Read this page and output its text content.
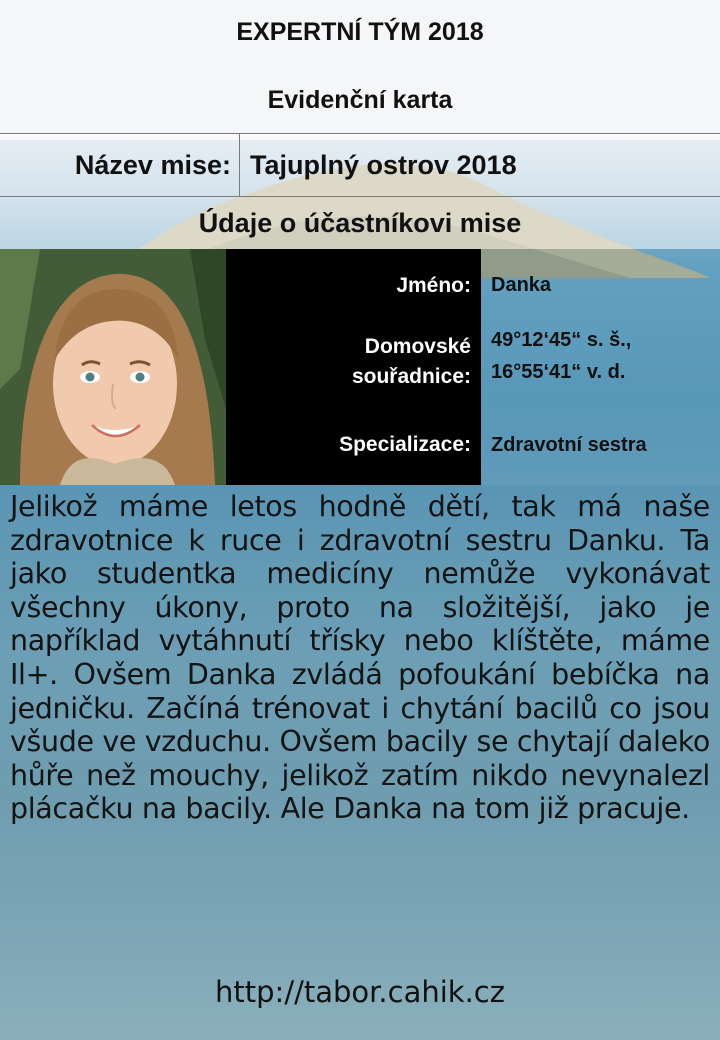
EXPERTNÍ TÝM 2018
Evidenční karta
Název mise: Tajuplný ostrov 2018
Údaje o účastníkovi mise
Jméno:
Domovské
souřadnice:
Specializace:
Danka
49°12‘45“ s. š.,
16°55‘41“ v. d.
Zdravotní sestra
Jelikož máme letos hodně dětí, tak má naše zdravotnice k ruce i zdravotní sestru Danku. Ta jako studentka medicíny nemůže vykonávat všechny úkony, proto na složitější, jako je například vytáhnutí třísky nebo klíštěte, máme Il+. Ovšem Danka zvládá pofoukání bebíčka na jedničku. Začíná trénovat i chytání bacilů co jsou všude ve vzduchu. Ovšem bacily se chytají daleko hůře než mouchy, jelikož zatím nikdo nevynalezl plácačku na bacily. Ale Danka na tom již pracuje.
http://tabor.cahik.cz
